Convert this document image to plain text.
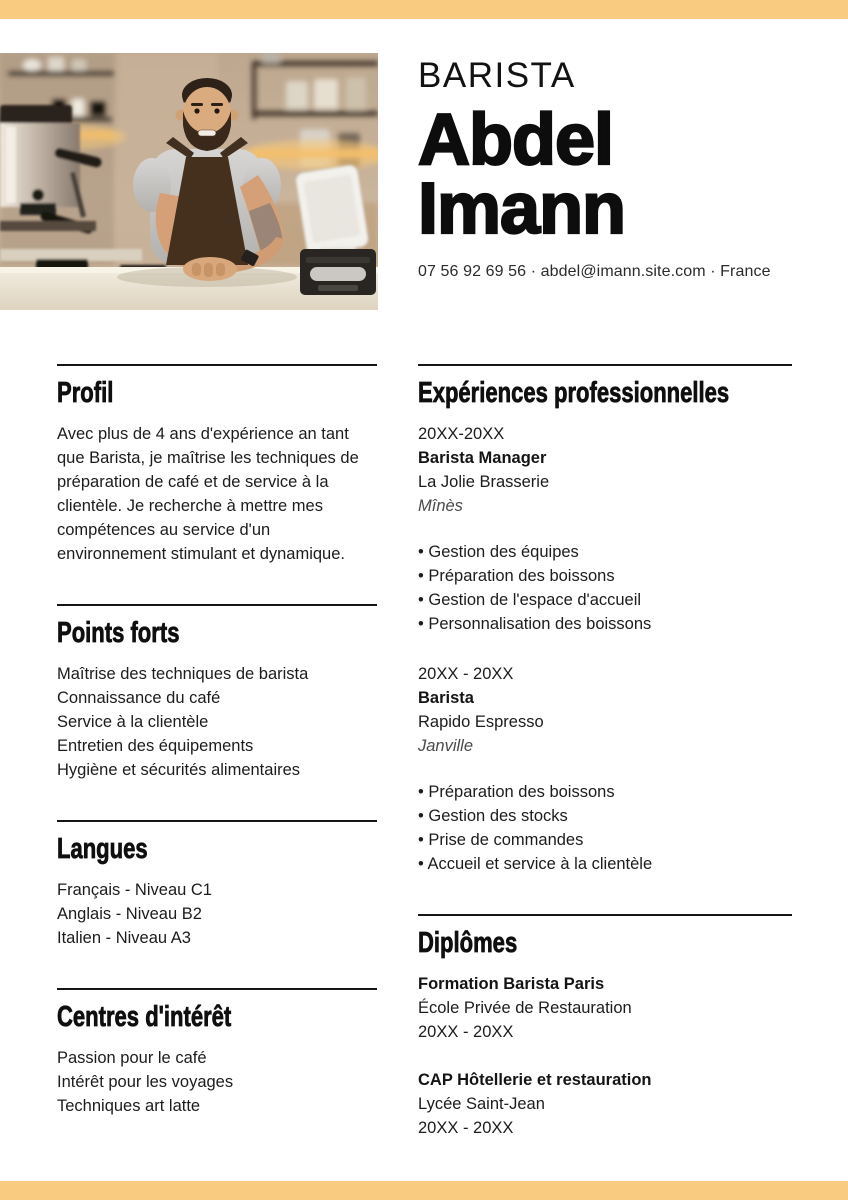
BARISTA
Abdel
Imann
07 56 92 69 56 · abdel@imann.site.com · France
Profil
Avec plus de 4 ans d'expérience an tant que Barista, je maîtrise les techniques de préparation de café et de service à la clientèle. Je recherche à mettre mes compétences au service d'un environnement stimulant et dynamique.
Points forts
Maîtrise des techniques de barista
Connaissance du café
Service à la clientèle
Entretien des équipements
Hygiène et sécurités alimentaires
Langues
Français - Niveau C1
Anglais - Niveau B2
Italien - Niveau A3
Centres d'intérêt
Passion pour le café
Intérêt pour les voyages
Techniques art latte
Expériences professionnelles
20XX-20XX
Barista Manager
La Jolie Brasserie
Mînès
• Gestion des équipes
• Préparation des boissons
• Gestion de l'espace d'accueil
• Personnalisation des boissons
20XX - 20XX
Barista
Rapido Espresso
Janville
• Préparation des boissons
• Gestion des stocks
• Prise de commandes
• Accueil et service à la clientèle
Diplômes
Formation Barista Paris
École Privée de Restauration
20XX - 20XX
CAP Hôtellerie et restauration
Lycée Saint-Jean
20XX - 20XX
